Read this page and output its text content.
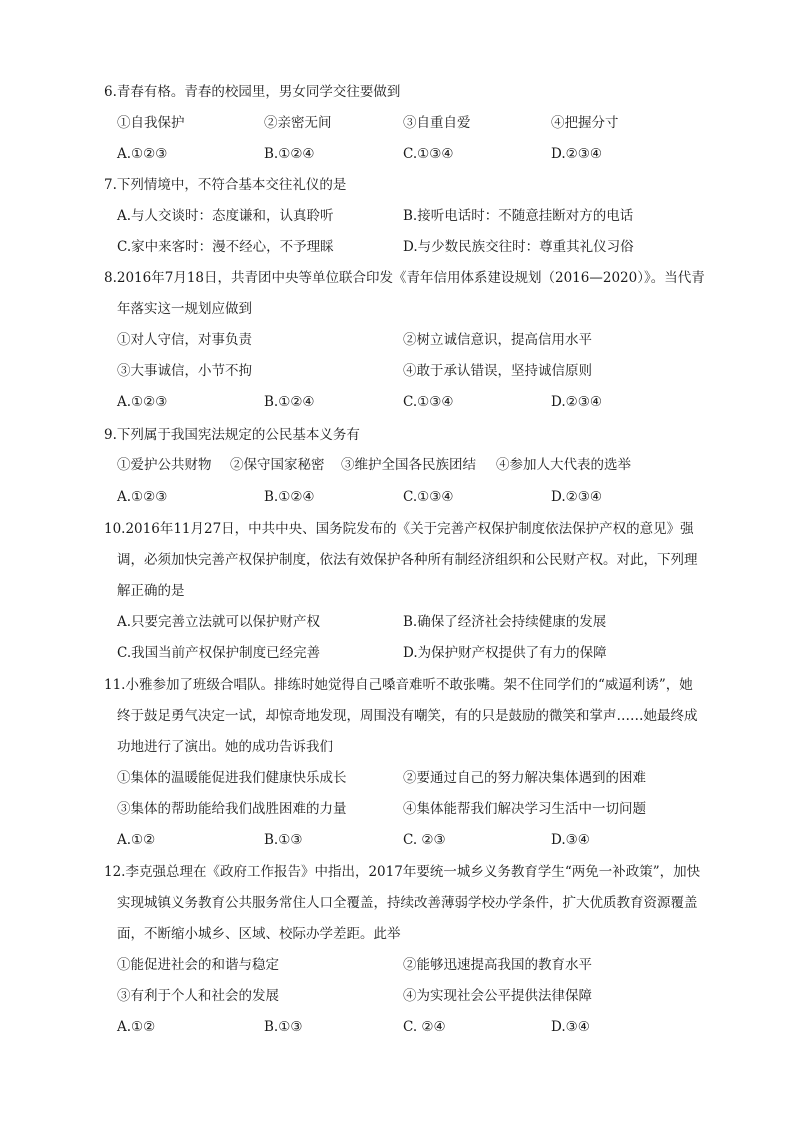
6.青春有格。青春的校园里，男女同学交往要做到
①自我保护	②亲密无间	③自重自爱	④把握分寸
A.①②③	B.①②④	C.①③④	D.②③④
7.下列情境中，不符合基本交往礼仪的是
A.与人交谈时：态度谦和，认真聆听	B.接听电话时：不随意挂断对方的电话
C.家中来客时：漫不经心，不予理睬	D.与少数民族交往时：尊重其礼仪习俗
8.2016年7月18日，共青团中央等单位联合印发《青年信用体系建设规划（2016—2020）》。当代青
年落实这一规划应做到
①对人守信，对事负责	②树立诚信意识，提高信用水平
③大事诚信，小节不拘	④敢于承认错误，坚持诚信原则
A.①②③	B.①②④	C.①③④	D.②③④
9.下列属于我国宪法规定的公民基本义务有
①爱护公共财物 ②保守国家秘密 ③维护全国各民族团结 ④参加人大代表的选举
A.①②③	B.①②④	C.①③④	D.②③④
10.2016年11月27日，中共中央、国务院发布的《关于完善产权保护制度依法保护产权的意见》强
调，必须加快完善产权保护制度，依法有效保护各种所有制经济组织和公民财产权。对此，下列理
解正确的是
A.只要完善立法就可以保护财产权	B.确保了经济社会持续健康的发展
C.我国当前产权保护制度已经完善	D.为保护财产权提供了有力的保障
11.小雅参加了班级合唱队。排练时她觉得自己嗓音难听不敢张嘴。架不住同学们的“威逼利诱”，她
终于鼓足勇气决定一试，却惊奇地发现，周围没有嘲笑，有的只是鼓励的微笑和掌声……她最终成
功地进行了演出。她的成功告诉我们
①集体的温暖能促进我们健康快乐成长	②要通过自己的努力解决集体遇到的困难
③集体的帮助能给我们战胜困难的力量	④集体能帮我们解决学习生活中一切问题
A.①②	B.①③	C. ②③	D.③④
12.李克强总理在《政府工作报告》中指出，2017年要统一城乡义务教育学生“两免一补政策”，加快
实现城镇义务教育公共服务常住人口全覆盖，持续改善薄弱学校办学条件，扩大优质教育资源覆盖
面，不断缩小城乡、区域、校际办学差距。此举
①能促进社会的和谐与稳定	②能够迅速提高我国的教育水平
③有利于个人和社会的发展	④为实现社会公平提供法律保障
A.①②	B.①③	C. ②④	D.③④
